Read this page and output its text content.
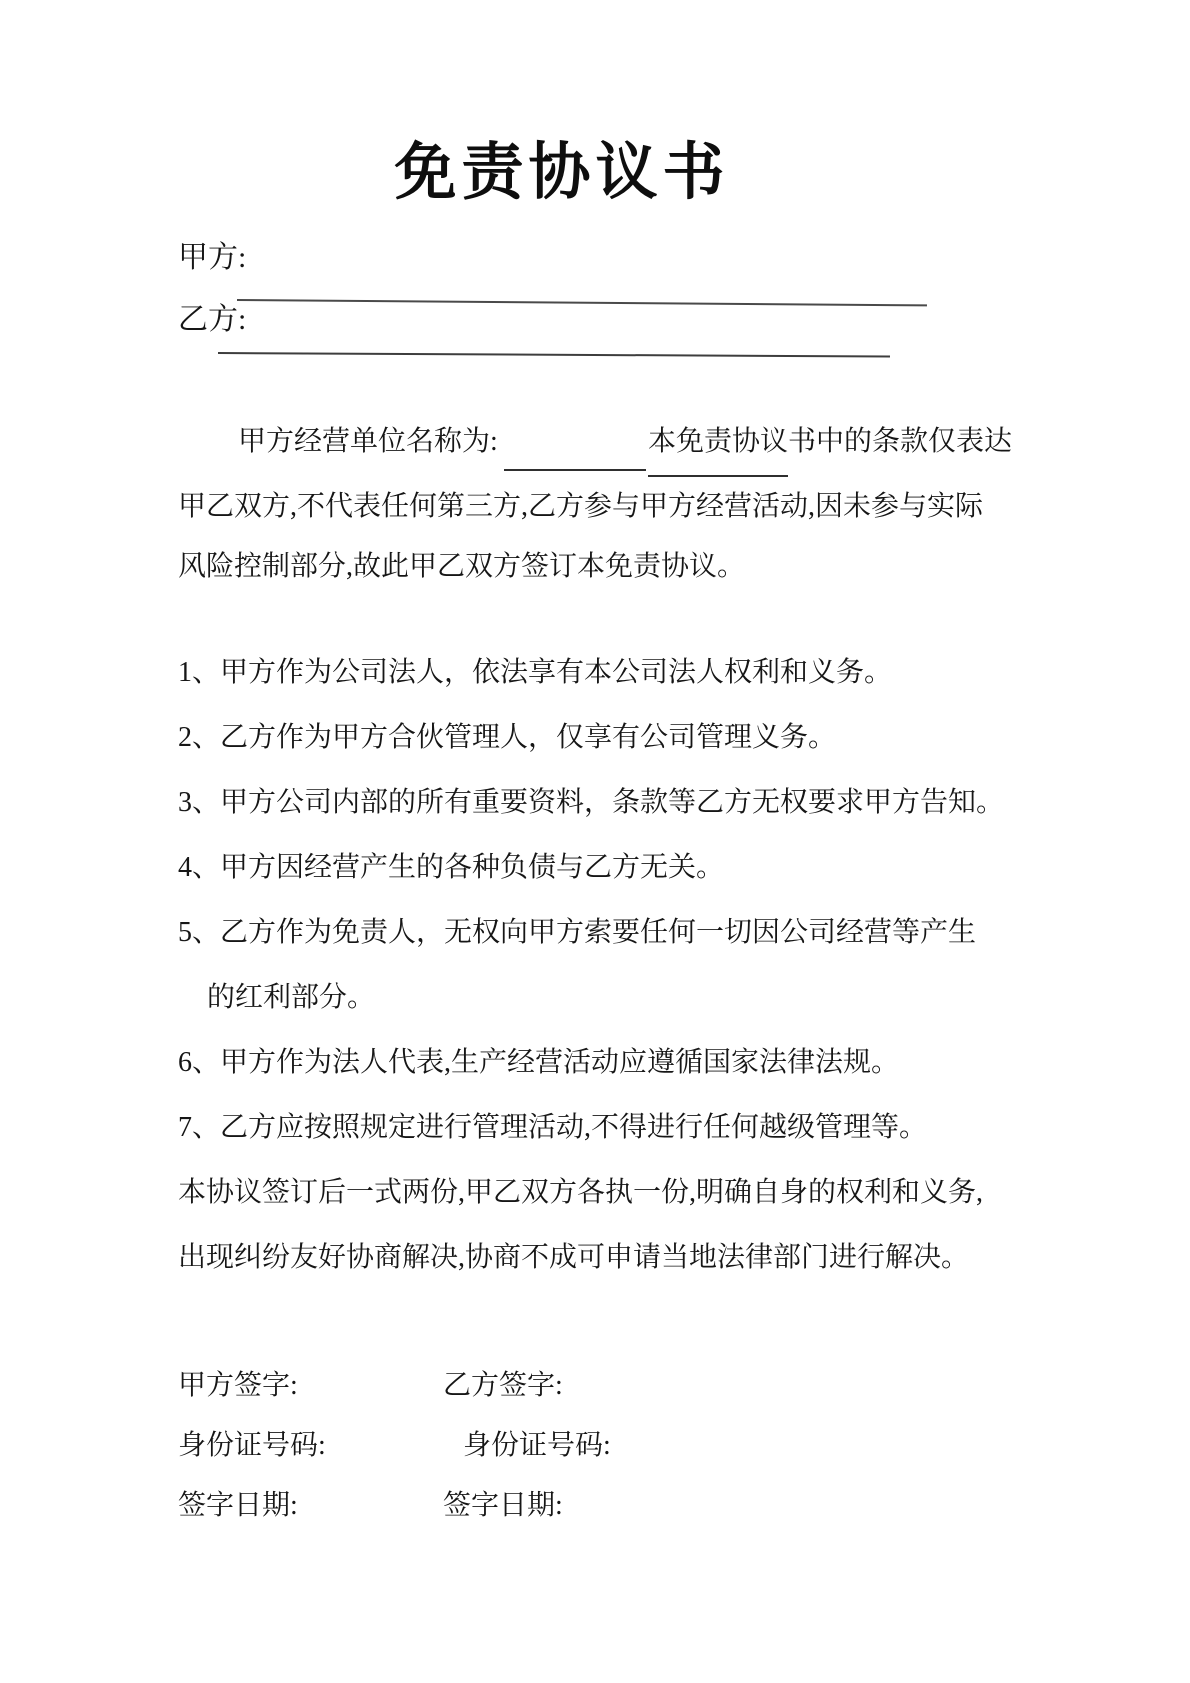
免责协议书
甲方:
乙方:
甲方经营单位名称为:	本免责协议 书中的条款仅表达
甲乙双方,不代表任何第三方,乙方参与甲方经营活动,因未参与实际
风险控制部分,故此甲乙双方签订本免责协议。
1、甲方作为公司法人，依法享有本公司法人权利和义务。
2、乙方作为甲方合伙管理人，仅享有公司管理义务。
3、甲方公司内部的所有重要资料，条款等乙方无权要求甲方告知。
4、甲方因经营产生的各种负债与乙方无关。
5、乙方作为免责人，无权向甲方索要任何一切因公司经营等产生
的红利部分。
6、甲方作为法人代表,生产经营活动应遵循国家法律法规。
7、乙方应按照规定进行管理活动,不得进行任何越级管理等。
本协议签订后一式两份,甲乙双方各执一份,明确自身的权利和义务,
出现纠纷友好协商解决,协商不成可申请当地法律部门进行解决。
甲方签字:	乙方签字:
身份证号码:	身份证号码:
签字日期:	签字日期:
